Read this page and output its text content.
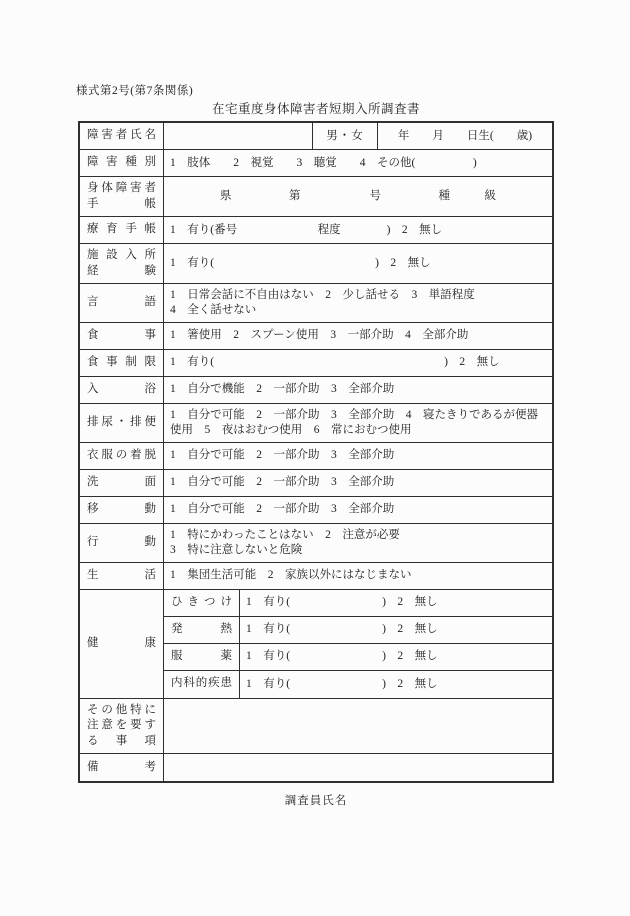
様式第2号(第7条関係)
在宅重度身体障害者短期入所調査書
障害者氏名	男・女	年　　月　　日生(　　歳)
障害種別 1　肢体　　2　視覚　　3　聴覚　　4　その他(　　　　　)
身体障害者
手帳
県　　　　　第　　　　　　号　　　　　種　　　級
療育手帳 1　有り(番号　　　　　　　程度　　　　)　2　無し
施設入所
経験
1　有り(　　　　　　　　　　　　　　)　2　無し
言語
1　日常会話に不自由はない　2　少し話せる　3　単語程度
4　全く話せない
食事 1　箸使用　2　スプーン使用　3　一部介助　4　全部介助
食事制限 1　有り(　　　　　　　　　　　　　　　　　　　　)　2　無し
入浴 1　自分で機能　2　一部介助　3　全部介助
排尿・排便
1　自分で可能　2　一部介助　3　全部介助　4　寝たきりであるが便器
使用　5　夜はおむつ使用　6　常におむつ使用
衣服の着脱 1　自分で可能　2　一部介助　3　全部介助
洗面 1　自分で可能　2　一部介助　3　全部介助
移動 1　自分で可能　2　一部介助　3　全部介助
行動
1　特にかわったことはない　2　注意が必要
3　特に注意しないと危険
生活 1　集団生活可能　2　家族以外にはなじまない
健康
ひきつけ 1　有り(　　　　　　　　)　2　無し
発熱 1　有り(　　　　　　　　)　2　無し
服薬 1　有り(　　　　　　　　)　2　無し
内科的疾患 1　有り(　　　　　　　　)　2　無し
その他特に
注意を要す
る事項
備考
調査員氏名
